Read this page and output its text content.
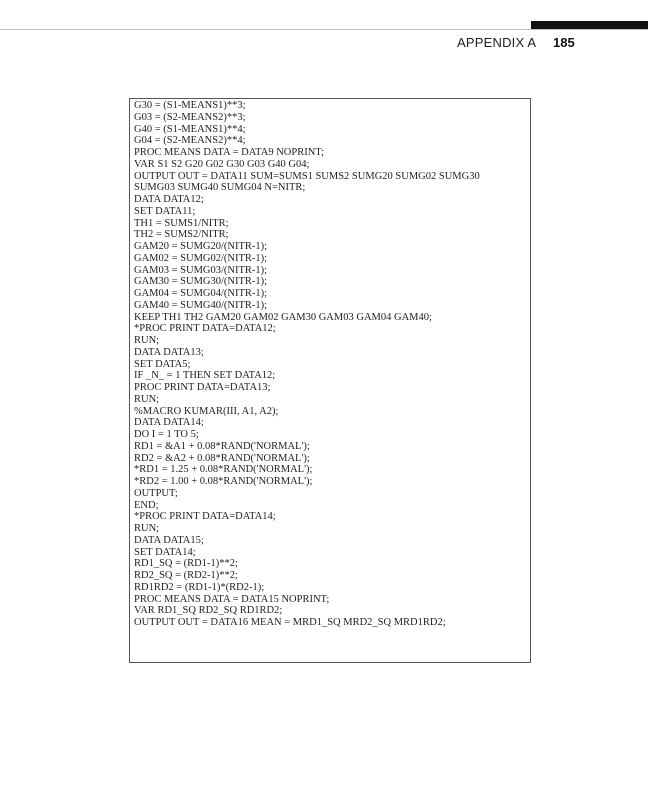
APPENDIX A 185
G30 = (S1-MEANS1)**3;
G03 = (S2-MEANS2)**3;
G40 = (S1-MEANS1)**4;
G04 = (S2-MEANS2)**4;
PROC MEANS DATA = DATA9 NOPRINT;
VAR S1 S2 G20 G02 G30 G03 G40 G04;
OUTPUT OUT = DATA11 SUM=SUMS1 SUMS2 SUMG20 SUMG02 SUMG30
SUMG03 SUMG40 SUMG04 N=NITR;
DATA DATA12;
SET DATA11;
TH1 = SUMS1/NITR;
TH2 = SUMS2/NITR;
GAM20 = SUMG20/(NITR-1);
GAM02 = SUMG02/(NITR-1);
GAM03 = SUMG03/(NITR-1);
GAM30 = SUMG30/(NITR-1);
GAM04 = SUMG04/(NITR-1);
GAM40 = SUMG40/(NITR-1);
KEEP TH1 TH2 GAM20 GAM02 GAM30 GAM03 GAM04 GAM40;
*PROC PRINT DATA=DATA12;
RUN;
DATA DATA13;
SET DATA5;
IF _N_ = 1 THEN SET DATA12;
PROC PRINT DATA=DATA13;
RUN;
%MACRO KUMAR(III, A1, A2);
DATA DATA14;
DO I = 1 TO 5;
RD1 = &A1 + 0.08*RAND('NORMAL');
RD2 = &A2 + 0.08*RAND('NORMAL');
*RD1 = 1.25 + 0.08*RAND('NORMAL');
*RD2 = 1.00 + 0.08*RAND('NORMAL');
OUTPUT;
END;
*PROC PRINT DATA=DATA14;
RUN;
DATA DATA15;
SET DATA14;
RD1_SQ = (RD1-1)**2;
RD2_SQ = (RD2-1)**2;
RD1RD2 = (RD1-1)*(RD2-1);
PROC MEANS DATA = DATA15 NOPRINT;
VAR RD1_SQ RD2_SQ RD1RD2;
OUTPUT OUT = DATA16 MEAN = MRD1_SQ MRD2_SQ MRD1RD2;
